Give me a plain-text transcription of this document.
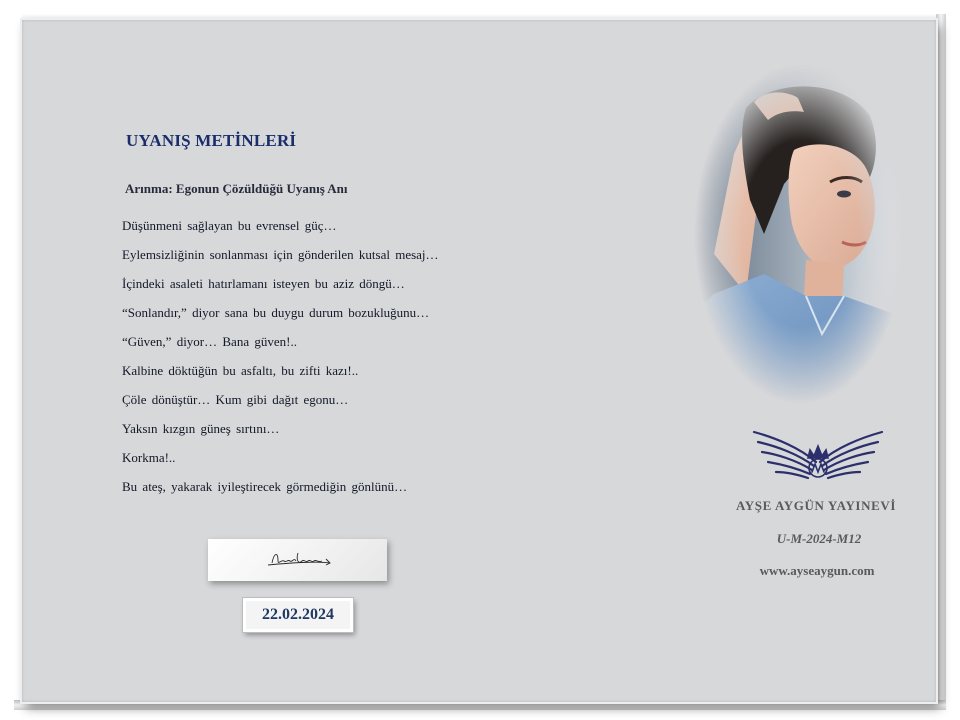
UYANIŞ METİNLERİ
Arınma: Egonun Çözüldüğü Uyanış Anı
Düşünmeni sağlayan bu evrensel güç…
Eylemsizliğinin sonlanması için gönderilen kutsal mesaj…
İçindeki asaleti hatırlamanı isteyen bu aziz döngü…
“Sonlandır,” diyor sana bu duygu durum bozukluğunu…
“Güven,” diyor… Bana güven!..
Kalbine döktüğün bu asfaltı, bu zifti kazı!..
Çöle dönüştür… Kum gibi dağıt egonu…
Yaksın kızgın güneş sırtını…
Korkma!..
Bu ateş, yakarak iyileştirecek görmediğin gönlünü…
AYŞE AYGÜN YAYINEVİ
U-M-2024-M12
www.ayseaygun.com
22.02.2024
